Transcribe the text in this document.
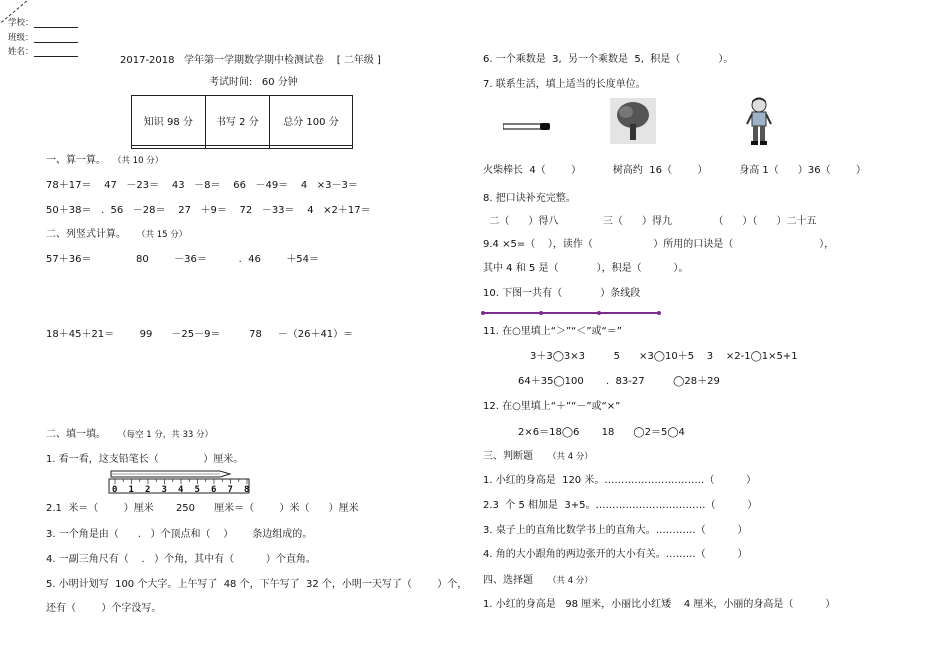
学校：
班级：
姓名：
2017-2018   学年第一学期数学期中检测试卷    [ 二年级 ]
考试时间:   60 分钟
知识 98 分	书写 2 分	总分 100 分

一、算一算。 （共 10 分）
78＋17＝    47   －23＝    43   －8＝    66   －49＝    4   ×3－3＝
50＋38＝   .  56   －28＝    27   ＋9＝    72   －33＝    4   ×2＋17＝
二、列竖式计算。 （共 15 分）
57＋36＝              80        －36＝          .  46        ＋54＝
18＋45＋21＝        99      －25－9＝         78     －（26＋41）＝
二、填一填。 （每空 1 分，共 33 分）
1. 看一看，这支铅笔长（              ）厘米。
0 1 2 3 4 5 6 7 8
2.1  米＝（        ）厘米       250      厘米＝（        ）米（      ）厘米
3. 一个角是由（      .   ）个顶点和（    ）      条边组成的。
4. 一副三角尺有（    .   ）个角，其中有（          ）个直角。
5. 小明计划写  100 个大字。上午写了  48 个，下午写了  32 个，小明一天写了（        ）个，
还有（        ）个字没写。
6. 一个乘数是  3,  另一个乘数是  5,  积是（            ）。
7. 联系生活，填上适当的长度单位。
火柴棒长  4（        ）          树高约  16（        ）          身高 1（      ）36（        ）
8. 把口诀补充完整。
二（      ）得八              三（      ）得九             （      ）（      ）二十五
9.4 ×5=（    ），读作（                   ）所用的口诀是（                           ），
其中 4 和 5 是（            ），积是（          ）。
10. 下图一共有（            ）条线段
11. 在○里填上“＞”“＜”或“＝”
3＋3◯3×3         5      ×3◯10＋5    3    ×2-1◯1×5+1
64＋35◯100       .  83-27         ◯28＋29
12. 在○里填上“＋”“－”或“×”
2×6＝18◯6       18      ◯2＝5◯4
三、判断题 （共 4 分）
1. 小红的身高是  120 米。…………………………（          ）
2.3  个 5 相加是  3+5。……………………………（          ）
3. 桌子上的直角比数学书上的直角大。…………（          ）
4. 角的大小跟角的两边张开的大小有关。………（          ）
四、选择题 （共 4 分）
1. 小红的身高是   98 厘米，小丽比小红矮    4 厘米，小丽的身高是（          ）
